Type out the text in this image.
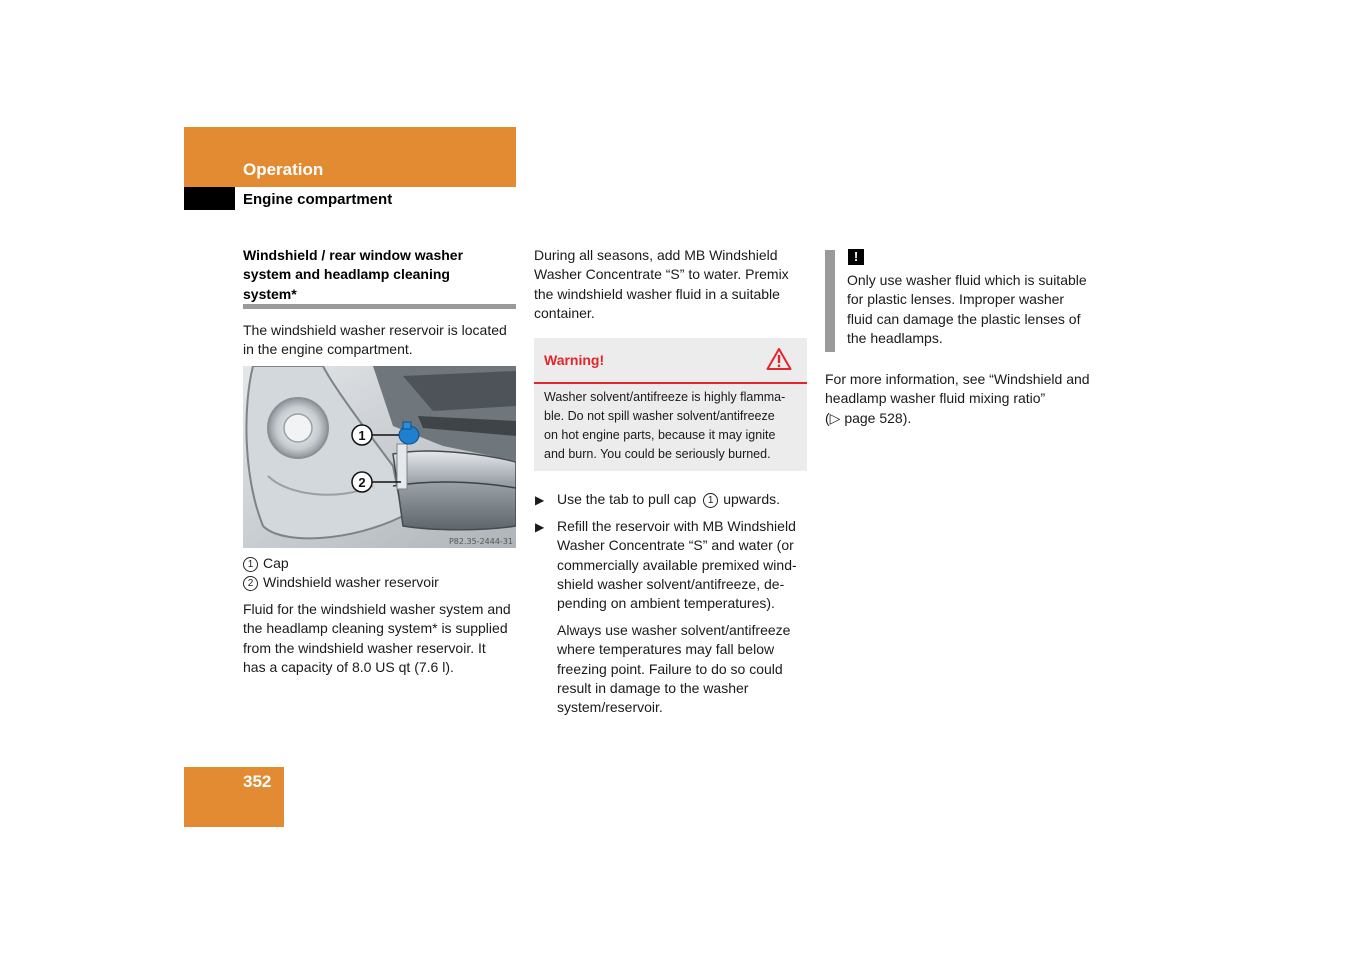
Operation
Engine compartment
Windshield / rear window washer
system and headlamp cleaning
system*
The windshield washer reservoir is located
in the engine compartment.
1
2
P82.35-2444-31
1 Cap
2 Windshield washer reservoir
Fluid for the windshield washer system and
the headlamp cleaning system* is supplied
from the windshield washer reservoir. It
has a capacity of 8.0 US qt (7.6 l).
During all seasons, add MB Windshield
Washer Concentrate “S” to water. Premix
the windshield washer fluid in a suitable
container.
Warning!
Washer solvent/antifreeze is highly flamma-
ble. Do not spill washer solvent/antifreeze
on hot engine parts, because it may ignite
and burn. You could be seriously burned.
▶ Use the tab to pull cap 1 upwards.
▶ Refill the reservoir with MB Windshield
Washer Concentrate “S” and water (or
commercially available premixed wind-
shield washer solvent/antifreeze, de-
pending on ambient temperatures).
Always use washer solvent/antifreeze
where temperatures may fall below
freezing point. Failure to do so could
result in damage to the washer
system/reservoir.
!
Only use washer fluid which is suitable
for plastic lenses. Improper washer
fluid can damage the plastic lenses of
the headlamps.
For more information, see “Windshield and
headlamp washer fluid mixing ratio”
(▷ page 528).
352
